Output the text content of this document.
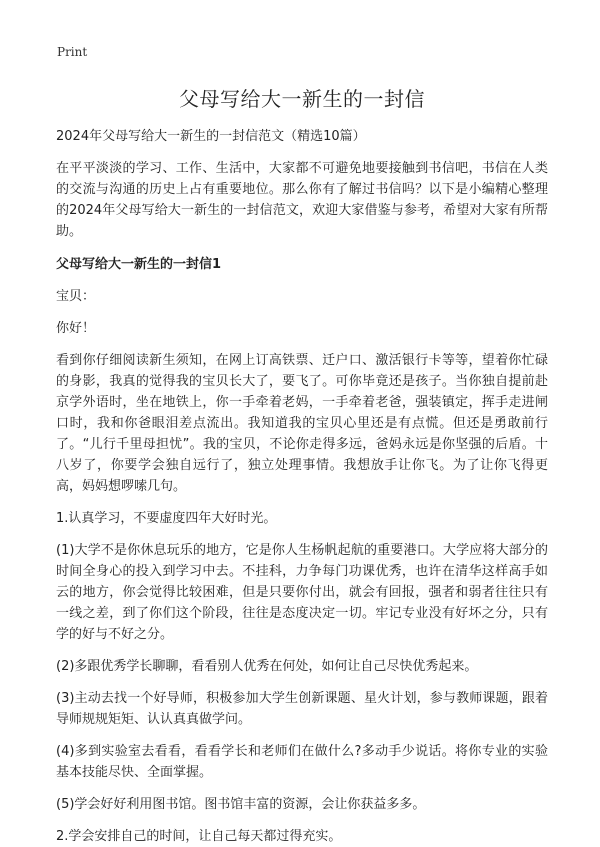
Print
父母写给大一新生的一封信
2024年父母写给大一新生的一封信范文（精选10篇）

在平平淡淡的学习、工作、生活中，大家都不可避免地要接触到书信吧，书信在人类的交流与沟通的历史上占有重要地位。那么你有了解过书信吗？以下是小编精心整理的2024年父母写给大一新生的一封信范文，欢迎大家借鉴与参考，希望对大家有所帮助。

父母写给大一新生的一封信1

宝贝：

你好！

看到你仔细阅读新生须知，在网上订高铁票、迁户口、激活银行卡等等，望着你忙碌的身影，我真的觉得我的宝贝长大了，要飞了。可你毕竟还是孩子。当你独自提前赴京学外语时，坐在地铁上，你一手牵着老妈，一手牵着老爸，强装镇定，挥手走进闸口时，我和你爸眼泪差点流出。我知道我的宝贝心里还是有点慌。但还是勇敢前行了。“儿行千里母担忧”。我的宝贝，不论你走得多远，爸妈永远是你坚强的后盾。十八岁了，你要学会独自远行了，独立处理事情。我想放手让你飞。为了让你飞得更高，妈妈想啰嗦几句。

1.认真学习，不要虚度四年大好时光。

(1)大学不是你休息玩乐的地方，它是你人生杨帆起航的重要港口。大学应将大部分的时间全身心的投入到学习中去。不挂科，力争每门功课优秀，也许在清华这样高手如云的地方，你会觉得比较困难，但是只要你付出，就会有回报，强者和弱者往往只有一线之差，到了你们这个阶段，往往是态度决定一切。牢记专业没有好坏之分，只有学的好与不好之分。

(2)多跟优秀学长聊聊，看看别人优秀在何处，如何让自己尽快优秀起来。

(3)主动去找一个好导师，积极参加大学生创新课题、星火计划，参与教师课题，跟着导师规规矩矩、认认真真做学问。

(4)多到实验室去看看，看看学长和老师们在做什么?多动手少说话。将你专业的实验基本技能尽快、全面掌握。

(5)学会好好利用图书馆。图书馆丰富的资源，会让你获益多多。

2.学会安排自己的时间，让自己每天都过得充实。
